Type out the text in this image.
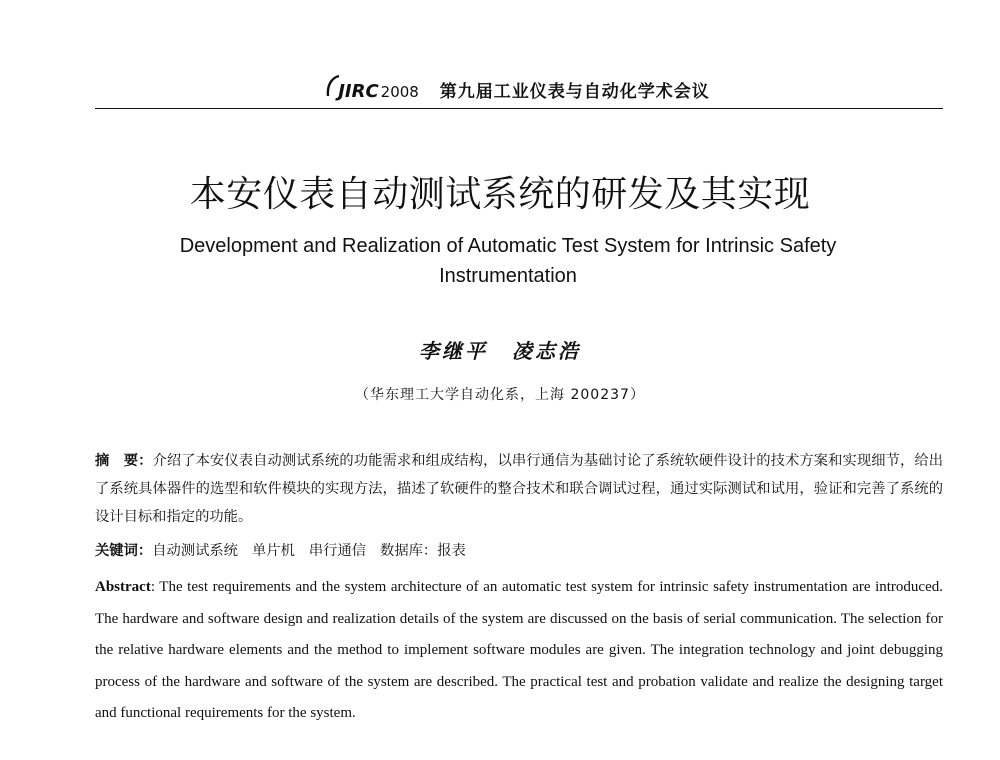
JIRC 2008 第九届工业仪表与自动化学术会议
本安仪表自动测试系统的研发及其实现
Development and Realization of Automatic Test System for Intrinsic Safety
Instrumentation
李继平 凌志浩
（华东理工大学自动化系，上海 200237）
摘　要：介绍了本安仪表自动测试系统的功能需求和组成结构，以串行通信为基础讨论了系统软硬件设计的技术方案和实现细节，给出了系统具体器件的选型和软件模块的实现方法，描述了软硬件的整合技术和联合调试过程，通过实际测试和试用，验证和完善了系统的设计目标和指定的功能。
关键词：自动测试系统 单片机 串行通信 数据库：报表
Abstract: The test requirements and the system architecture of an automatic test system for intrinsic safety instrumentation are introduced. The hardware and software design and realization details of the system are discussed on the basis of serial communication. The selection for the relative hardware elements and the method to implement software modules are given. The integration technology and joint debugging process of the hardware and software of the system are described. The practical test and probation validate and realize the designing target and functional requirements for the system.
